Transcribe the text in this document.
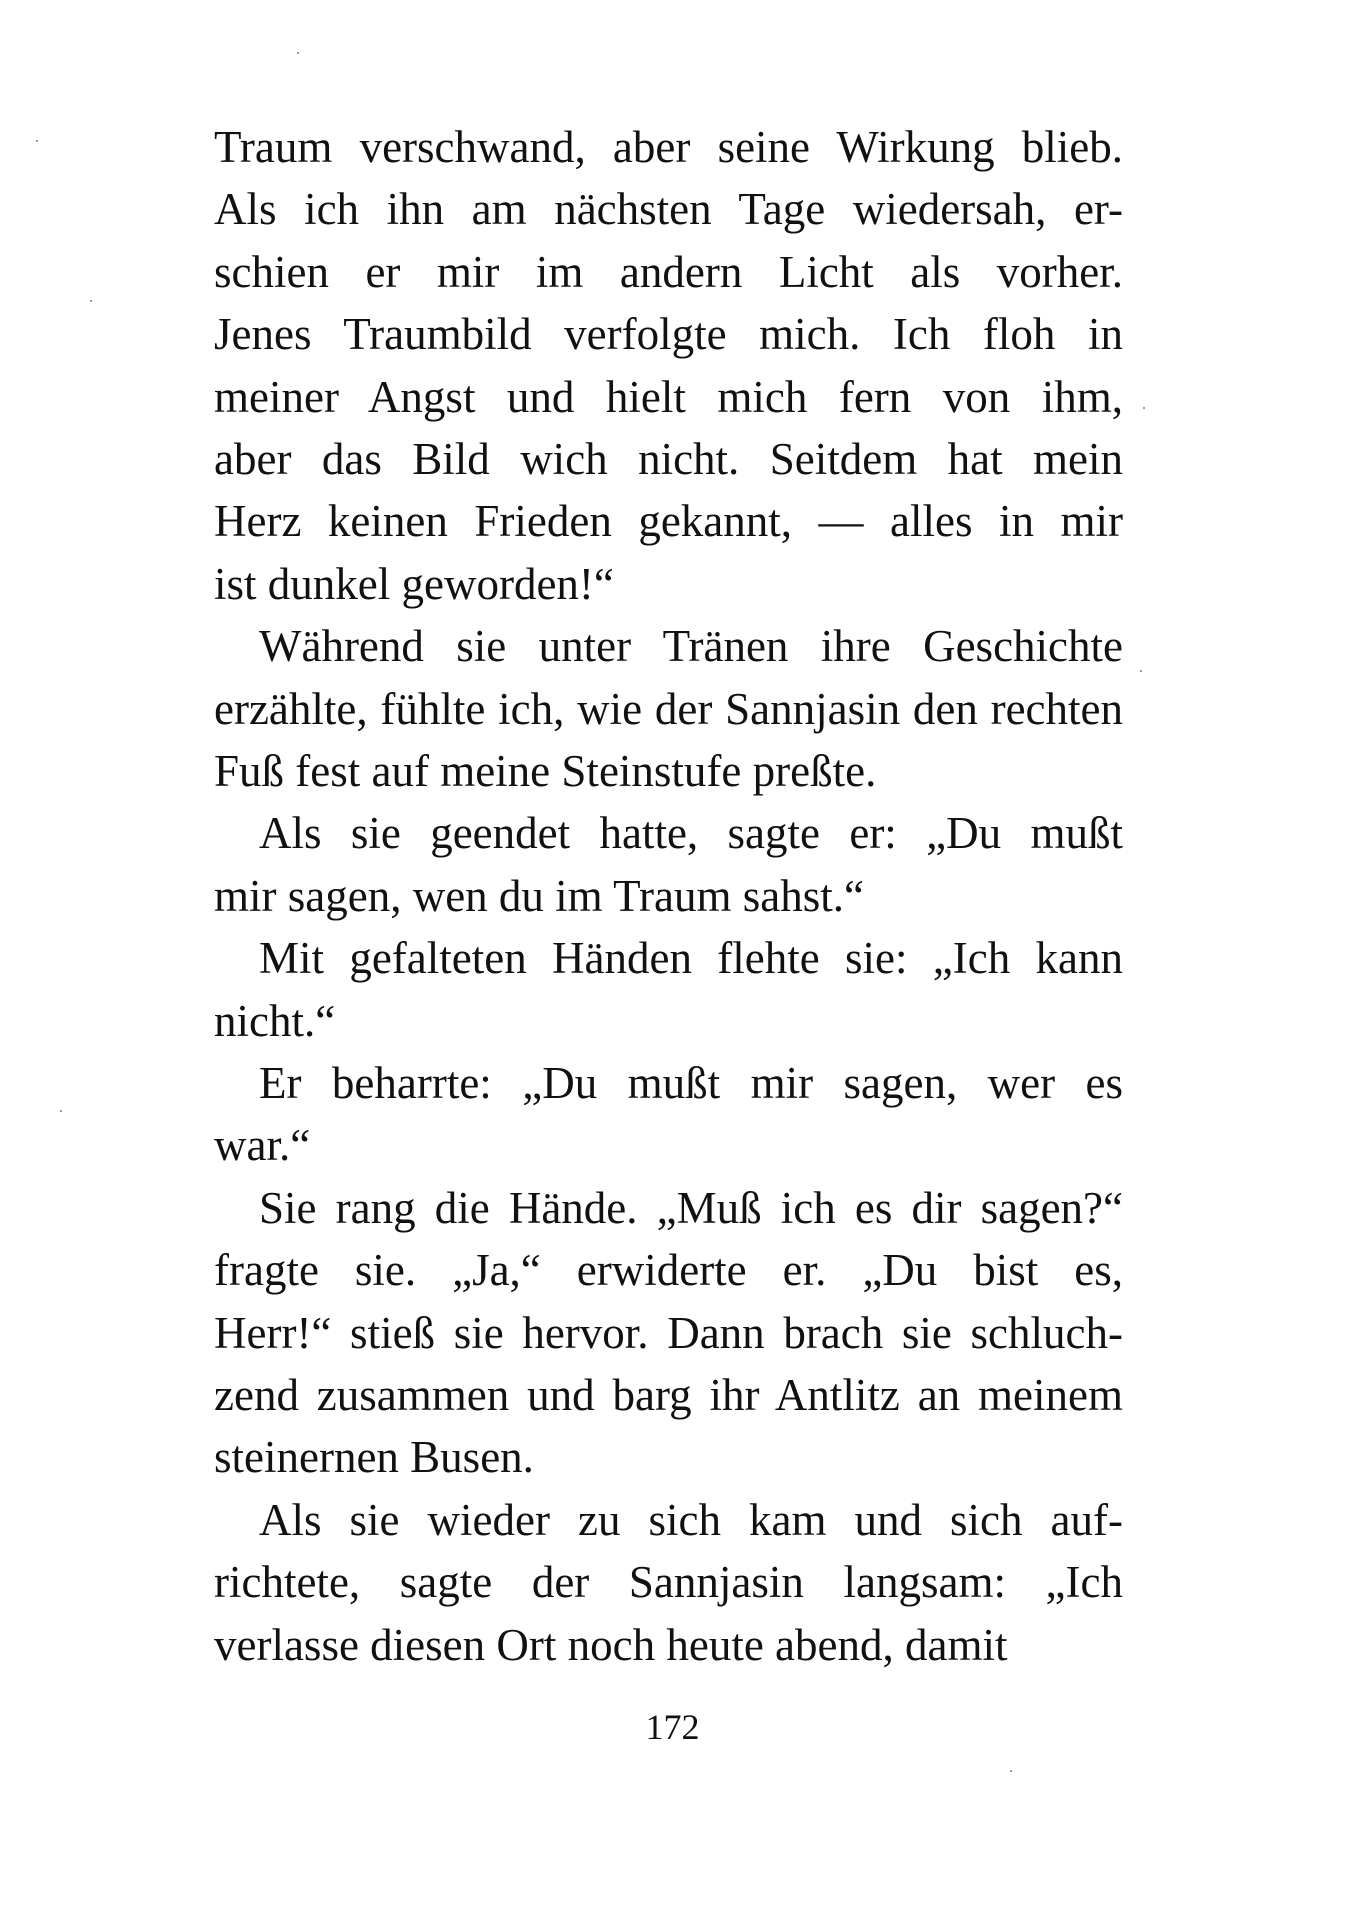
Traum verschwand, aber seine Wirkung blieb.
Als ich ihn am nächsten Tage wiedersah, er-
schien er mir im andern Licht als vorher.
Jenes Traumbild verfolgte mich. Ich floh in
meiner Angst und hielt mich fern von ihm,
aber das Bild wich nicht. Seitdem hat mein
Herz keinen Frieden gekannt, — alles in mir
ist dunkel geworden!“
Während sie unter Tränen ihre Geschichte
erzählte, fühlte ich, wie der Sannjasin den rechten
Fuß fest auf meine Steinstufe preßte.
Als sie geendet hatte, sagte er: „Du mußt
mir sagen, wen du im Traum sahst.“
Mit gefalteten Händen flehte sie: „Ich kann
nicht.“
Er beharrte: „Du mußt mir sagen, wer es
war.“
Sie rang die Hände. „Muß ich es dir sagen?“
fragte sie. „Ja,“ erwiderte er. „Du bist es,
Herr!“ stieß sie hervor. Dann brach sie schluch-
zend zusammen und barg ihr Antlitz an meinem
steinernen Busen.
Als sie wieder zu sich kam und sich auf-
richtete, sagte der Sannjasin langsam: „Ich
verlasse diesen Ort noch heute abend, damit
172
